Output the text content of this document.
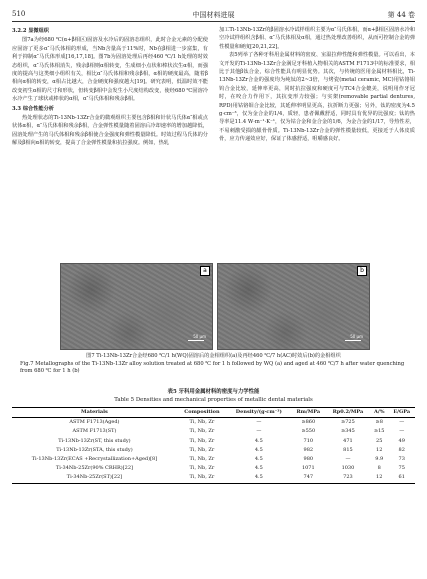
510	中国材料进展	第 44 卷
3.2.2 显微组织

图7a为经680 ℃(α+β相区)固溶及水冷后的固溶态组织，此时合金元素的分配使应固溶了更多α″马氏体相的形成，当Nb含量高于11%时，Nb在β相进一步富集，有利于抑制α″马氏体形成[16,17,18]。图7b为固溶处理后再经460 ℃/1 h处理的时效态组织，α″马氏体相消失，残余β相则α相转变，生成细小点状和棒状次生α相，而强度的提高与这类细小组织有关，相比α″马氏体相和残余β相，α相的硬度最高，随着β相向α相的转变，α相占比越大，合金硬度和强度越大[19]。研究表明，低温时效不能改变初生α相的尺寸和形状，但转变β相中会发生小尺度结构改变，使经680 ℃固溶冷水冷产生了球状或棒状的α相，α″马氏体相和残余β相。

3.3 综合性能分析

热处理状态的Ti-13Nb-13Zr合金的微观组织主要包含β相和针状马氏体α″相或点状体α相，α″马氏体相和残余β相，合金弹性模量随着固溶后冷却速率的增加越降低，固溶处理产生的马氏体相和残余β相使合金强度和弹性模量降低。时效过程马氏体的分解及β相向α相的转变，提高了合金弹性模量和抗拉强度。例如，热轧

加工Ti-13Nb-13Zr的β固溶水冷试样组织主要为α″马氏体相，而α+β相区固溶水冷和空冷试样组织含β相、α″马氏体相及α相，通过热处理改善组织，从而可控制合金的弹性模量和硬度[20,21,22]。

表5列举了各种牙科用金属材料的密度、室温拉伸性能和弹性模量。可以看出，本文开发的Ti-13Nb-13Zr合金满足牙科植入物相关的ASTM F1713中的标准要求，相比于其他β钛合金，综合性能具有明显优势。其次，与传统的医用金属材料相比，Ti-13Nb-13Zr合金的强度均为纯钛的2~3倍，与烤瓷(metal ceramic, MC)用钴铬钼钨合金比较，延伸率更高，同时抗拉强度和硬度可与TC4合金媲美，说明用作牙冠时，在咬合力作用下，其抗变形力较强；与实架(removable partial dentures, RPD)用钴铬钼合金比较，其延伸率明显更高，抗折断力更强；另外，钛的密度为4.5 g·cm⁻³，仅为金合金的1/4，质轻，患者佩戴舒适，同时具有优异的比强度；钛的热导率是11.4 W·m⁻¹·K⁻¹，仅为钴合金和金合金的1/6，为金合金的1/17，导热性差，不易刺激受损的龈骨骨质。Ti-13Nb-13Zr合金的弹性模量较低，更接近于人体皮质骨，应力传递效应好，保证了体感舒适，咀嚼感良好。

a
50 μm
b
50 μm
图7 Ti-13Nb-13Zr合金经680 ℃/1 h(WQ)固溶后的金相组织(a)及再经460 ℃/7 h(AC)时效后(b)的金相组织
Fig.7 Metallographs of the Ti-13Nb-13Zr alloy solution treated at 680 ℃ for 1 h followed by WQ (a) and aged at 460 ℃/7 h after water quenching from 680 ℃ for 1 h (b)
表5 牙科用金属材料的密度与力学性能
Table 5 Densities and mechanical properties of metallic dental materials
Materials	Composition	Density/(g·cm⁻³)	Rm/MPa	Rp0.2/MPa	A/%	E/GPa
ASTM F1713(Aged)	Ti, Nb, Zr	—	≥860	≥725	≥8	—
ASTM F1713(ST)	Ti, Nb, Zr	—	≥550	≥345	≥15	—
Ti-13Nb-13Zr(ST, this study)	Ti, Nb, Zr	4.5	710	471	25	49
Ti-13Nb-13Zr(STA, this study)	Ti, Nb, Zr	4.5	982	815	12	82
Ti-13Nb-13Zr(ECAS +Recrystallization+Aged)[8]	Ti, Nb, Zr	4.5	980	—	9.9	73
Ti-34Nb-25Zr(90% CRHR)[22]	Ti, Nb, Zr	4.5	1071	1030	8	75
Ti-34Nb-25Zr(ST)[22]	Ti, Nb, Zr	4.5	747	723	12	61
